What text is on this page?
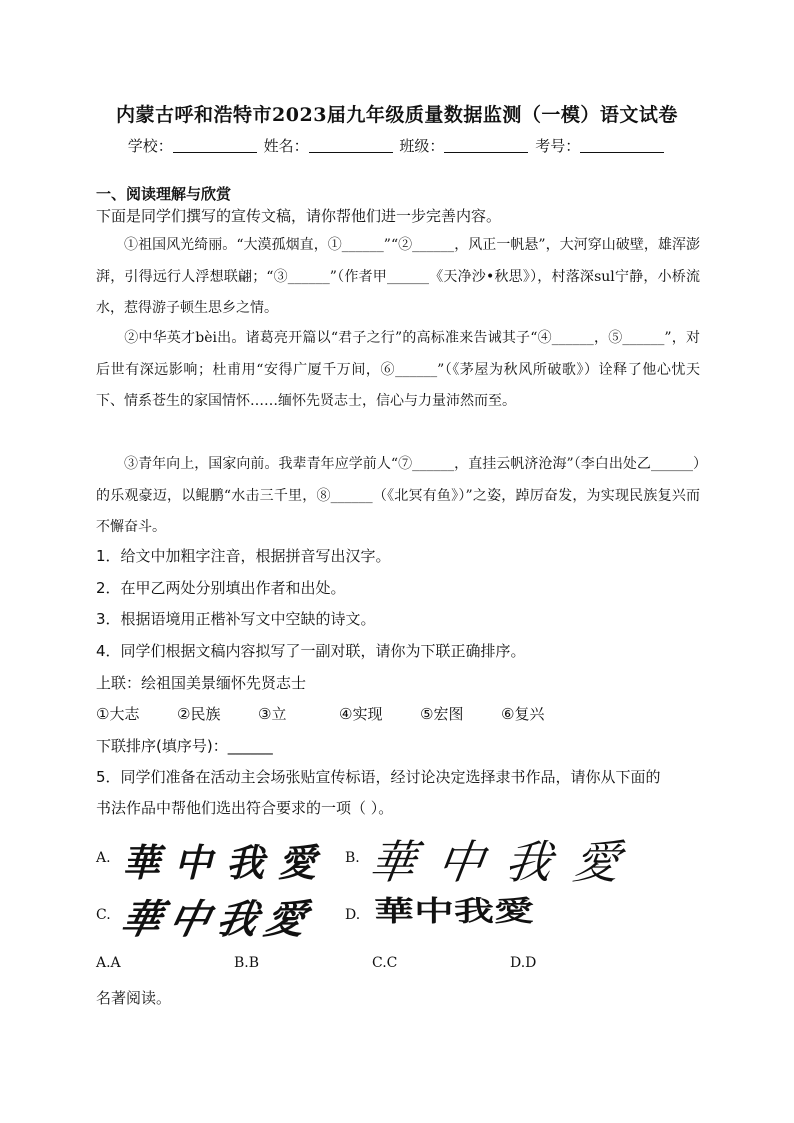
内蒙古呼和浩特市2023届九年级质量数据监测（一模）语文试卷
学校：	姓名：	班级：	考号：
一、阅读理解与欣赏
下面是同学们撰写的宣传文稿，请你帮他们进一步完善内容。
①祖国风光绮丽。“大漠孤烟直，①______”“②______，风正一帆悬”，大河穿山破壁，雄浑澎湃，引得远行人浮想联翩；“③______”（作者甲______《天净沙•秋思》），村落深sul宁静，小桥流水，惹得游子顿生思乡之情。
②中华英才bèi出。诸葛亮开篇以“君子之行”的高标准来告诫其子“④______，⑤______”，对后世有深远影响；杜甫用“安得广厦千万间，⑥______”（《茅屋为秋风所破歌》）诠释了他心忧天下、情系苍生的家国情怀……缅怀先贤志士，信心与力量沛然而至。
③青年向上，国家向前。我辈青年应学前人“⑦______，直挂云帆济沧海”（李白出处乙______）的乐观豪迈，以鲲鹏“水击三千里，⑧______（《北冥有鱼》）”之姿，踔厉奋发，为实现民族复兴而不懈奋斗。
1．给文中加粗字注音，根据拼音写出汉字。
2．在甲乙两处分别填出作者和出处。
3．根据语境用正楷补写文中空缺的诗文。
4．同学们根据文稿内容拟写了一副对联，请你为下联正确排序。
上联：绘祖国美景缅怀先贤志士
①大志	②民族	③立	④实现	⑤宏图	⑥复兴
下联排序(填序号)：______
5．同学们准备在活动主会场张贴宣传标语，经讨论决定选择隶书作品，请你从下面的
书法作品中帮他们选出符合要求的一项（ ）。
A. 華中我愛 B. 華中我愛
C. 華中我愛 D. 華中我愛
A.A	B.B	C.C	D.D
名著阅读。
